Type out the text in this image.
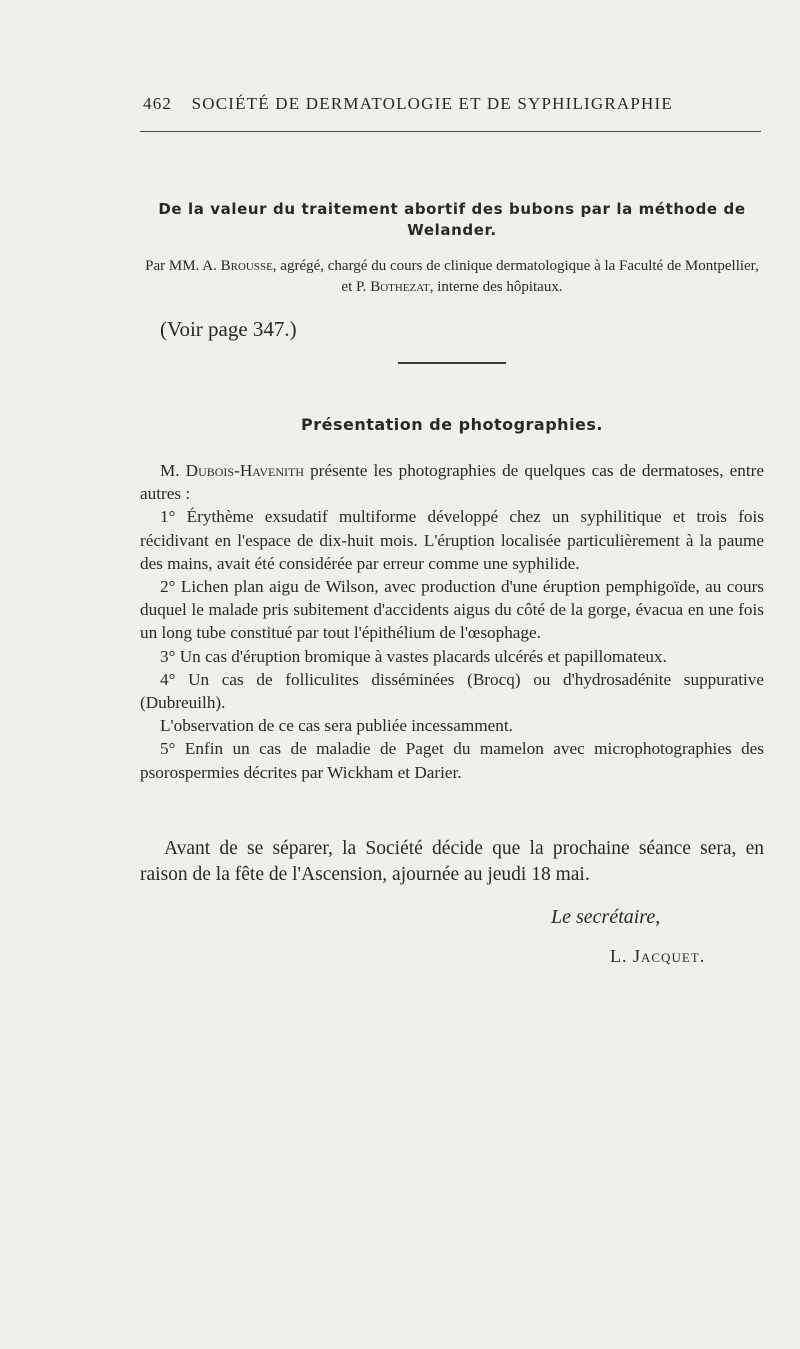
462 SOCIÉTÉ DE DERMATOLOGIE ET DE SYPHILIGRAPHIE
De la valeur du traitement abortif des bubons par la méthode de Welander.
Par MM. A. Brousse, agrégé, chargé du cours de clinique dermatologique à la Faculté de Montpellier, et P. Bothezat, interne des hôpitaux.
(Voir page 347.)
Présentation de photographies.

M. Dubois-Havenith présente les photographies de quelques cas de dermatoses, entre autres :

1° Érythème exsudatif multiforme développé chez un syphilitique et trois fois récidivant en l'espace de dix-huit mois. L'éruption localisée particulièrement à la paume des mains, avait été considérée par erreur comme une syphilide.

2° Lichen plan aigu de Wilson, avec production d'une éruption pemphigoïde, au cours duquel le malade pris subitement d'accidents aigus du côté de la gorge, évacua en une fois un long tube constitué par tout l'épithélium de l'œsophage.

3° Un cas d'éruption bromique à vastes placards ulcérés et papillomateux.

4° Un cas de folliculites disséminées (Brocq) ou d'hydrosadénite suppurative (Dubreuilh).

L'observation de ce cas sera publiée incessamment.

5° Enfin un cas de maladie de Paget du mamelon avec microphotographies des psorospermies décrites par Wickham et Darier.

Avant de se séparer, la Société décide que la prochaine séance sera, en raison de la fête de l'Ascension, ajournée au jeudi 18 mai.

Le secrétaire,
L. Jacquet.
